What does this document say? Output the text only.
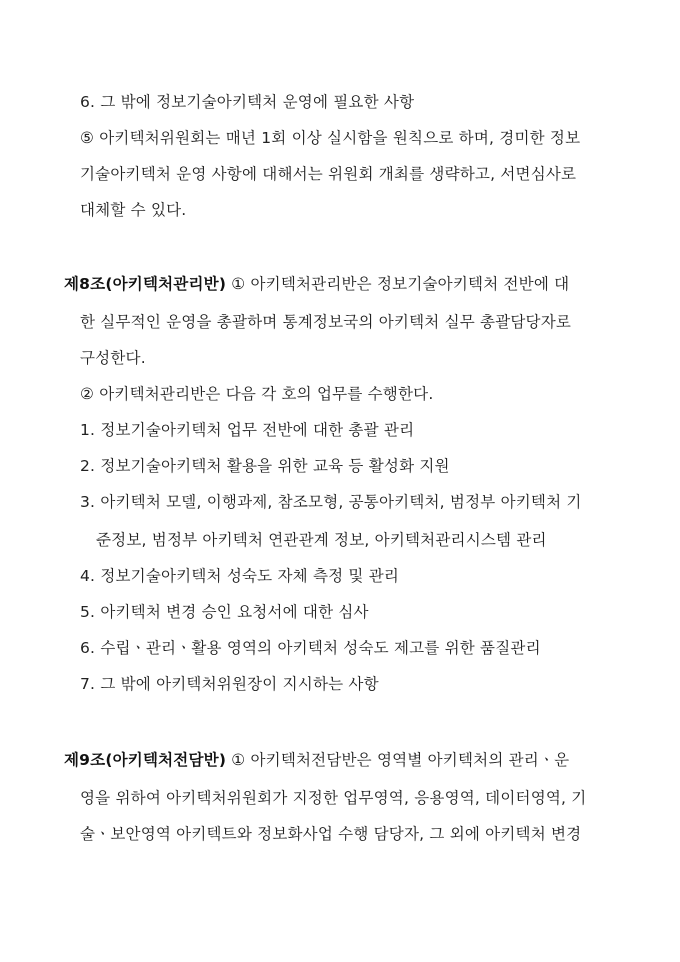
6. 그 밖에 정보기술아키텍처 운영에 필요한 사항
⑤ 아키텍처위원회는 매년 1회 이상 실시함을 원칙으로 하며, 경미한 정보
기술아키텍처 운영 사항에 대해서는 위원회 개최를 생략하고, 서면심사로
대체할 수 있다.
제8조(아키텍처관리반) ① 아키텍처관리반은 정보기술아키텍처 전반에 대
한 실무적인 운영을 총괄하며 통계정보국의 아키텍처 실무 총괄담당자로
구성한다.
② 아키텍처관리반은 다음 각 호의 업무를 수행한다.
1. 정보기술아키텍처 업무 전반에 대한 총괄 관리
2. 정보기술아키텍처 활용을 위한 교육 등 활성화 지원
3. 아키텍처 모델, 이행과제, 참조모형, 공통아키텍처, 범정부 아키텍처 기
준정보, 범정부 아키텍처 연관관계 정보, 아키텍처관리시스템 관리
4. 정보기술아키텍처 성숙도 자체 측정 및 관리
5. 아키텍처 변경 승인 요청서에 대한 심사
6. 수립ㆍ관리ㆍ활용 영역의 아키텍처 성숙도 제고를 위한 품질관리
7. 그 밖에 아키텍처위원장이 지시하는 사항
제9조(아키텍처전담반) ① 아키텍처전담반은 영역별 아키텍처의 관리ㆍ운
영을 위하여 아키텍처위원회가 지정한 업무영역, 응용영역, 데이터영역, 기
술ㆍ보안영역 아키텍트와 정보화사업 수행 담당자, 그 외에 아키텍처 변경
